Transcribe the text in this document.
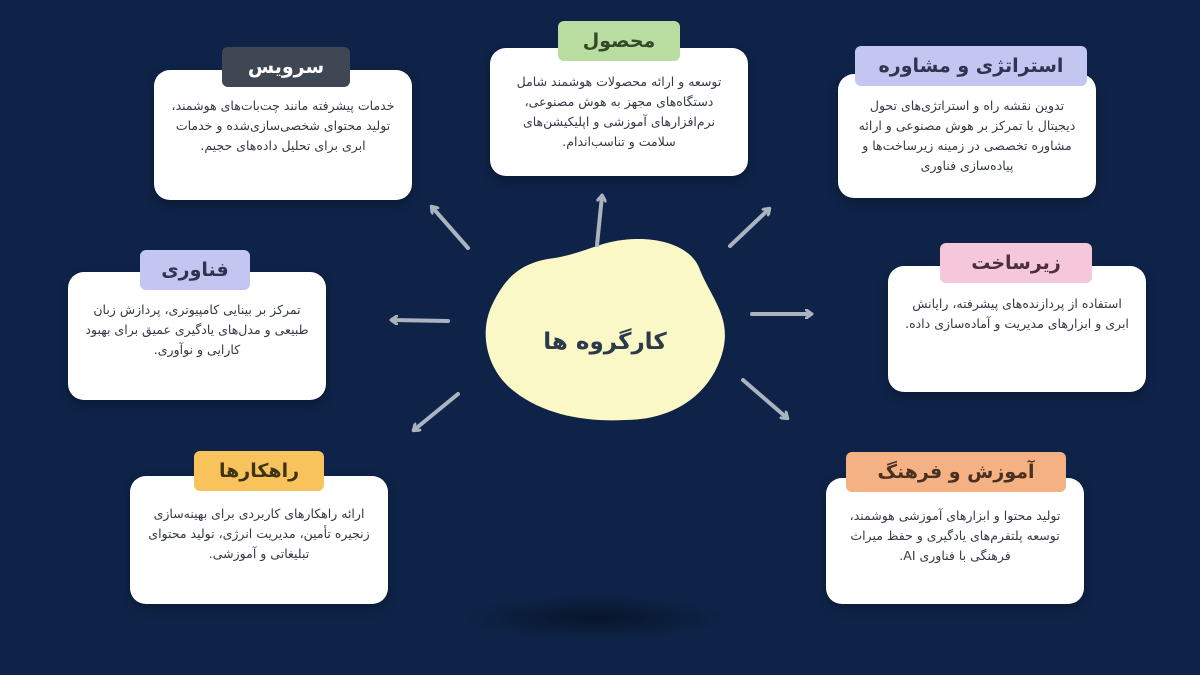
کارگروه ها
خدمات پیشرفته مانند چت‌بات‌های هوشمند، تولید محتوای شخصی‌سازی‌شده و خدمات ابری برای تحلیل داده‌های حجیم.
سرویس
توسعه و ارائه محصولات هوشمند شامل دستگاه‌های مجهز به هوش مصنوعی، نرم‌افزارهای آموزشی و اپلیکیشن‌های سلامت و تناسب‌اندام.
محصول
تدوین نقشه راه و استراتژی‌های تحول دیجیتال با تمرکز بر هوش مصنوعی و ارائه مشاوره تخصصی در زمینه زیرساخت‌ها و پیاده‌سازی فناوری
استراتژی و مشاوره
تمرکز بر بینایی کامپیوتری، پردازش زبان طبیعی و مدل‌های یادگیری عمیق برای بهبود کارایی و نوآوری.
فناوری
استفاده از پردازنده‌های پیشرفته، رایانش ابری و ابزارهای مدیریت و آماده‌سازی داده.
زیرساخت
ارائه راهکارهای کاربردی برای بهینه‌سازی زنجیره تأمین، مدیریت انرژی، تولید محتوای تبلیغاتی و آموزشی.
راهکارها
تولید محتوا و ابزارهای آموزشی هوشمند، توسعه پلتفرم‌های یادگیری و حفظ میراث فرهنگی با فناوری AI.
آموزش و فرهنگ
